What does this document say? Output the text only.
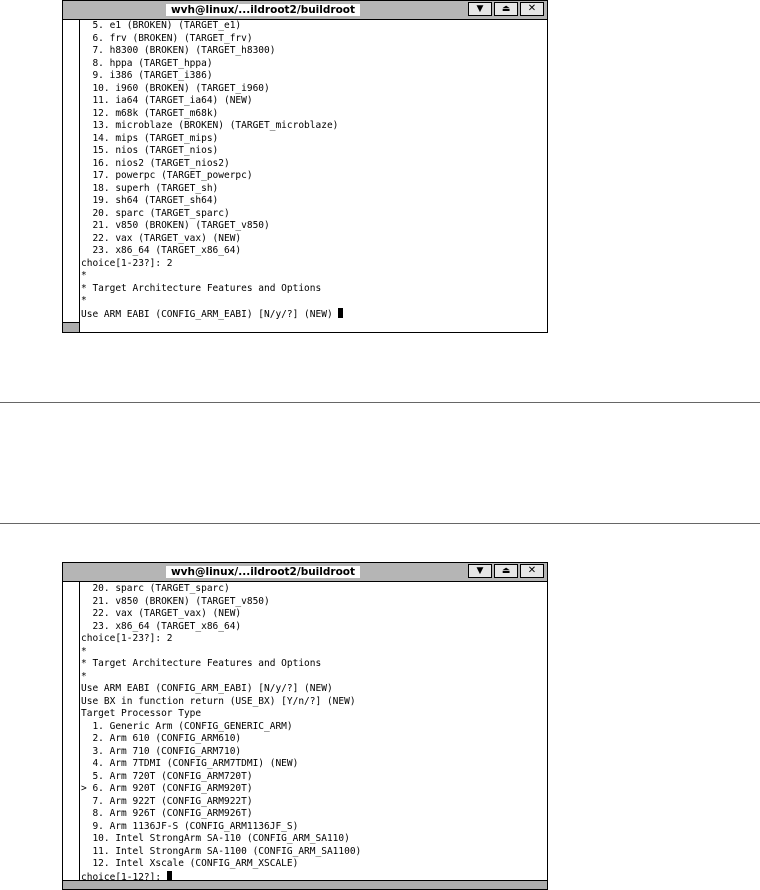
wvh@linux/...ildroot2/buildroot	▼ ⏏ ✕
5. e1 (BROKEN) (TARGET_e1)
6. frv (BROKEN) (TARGET_frv)
7. h8300 (BROKEN) (TARGET_h8300)
8. hppa (TARGET_hppa)
9. i386 (TARGET_i386)
10. i960 (BROKEN) (TARGET_i960)
11. ia64 (TARGET_ia64) (NEW)
12. m68k (TARGET_m68k)
13. microblaze (BROKEN) (TARGET_microblaze)
14. mips (TARGET_mips)
15. nios (TARGET_nios)
16. nios2 (TARGET_nios2)
17. powerpc (TARGET_powerpc)
18. superh (TARGET_sh)
19. sh64 (TARGET_sh64)
20. sparc (TARGET_sparc)
21. v850 (BROKEN) (TARGET_v850)
22. vax (TARGET_vax) (NEW)
23. x86_64 (TARGET_x86_64)
choice[1-23?]: 2
*
* Target Architecture Features and Options
*
Use ARM EABI (CONFIG_ARM_EABI) [N/y/?] (NEW)
wvh@linux/...ildroot2/buildroot	▼ ⏏ ✕
20. sparc (TARGET_sparc)
21. v850 (BROKEN) (TARGET_v850)
22. vax (TARGET_vax) (NEW)
23. x86_64 (TARGET_x86_64)
choice[1-23?]: 2
*
* Target Architecture Features and Options
*
Use ARM EABI (CONFIG_ARM_EABI) [N/y/?] (NEW)
Use BX in function return (USE_BX) [Y/n/?] (NEW)
Target Processor Type
1. Generic Arm (CONFIG_GENERIC_ARM)
2. Arm 610 (CONFIG_ARM610)
3. Arm 710 (CONFIG_ARM710)
4. Arm 7TDMI (CONFIG_ARM7TDMI) (NEW)
5. Arm 720T (CONFIG_ARM720T)
> 6. Arm 920T (CONFIG_ARM920T)
7. Arm 922T (CONFIG_ARM922T)
8. Arm 926T (CONFIG_ARM926T)
9. Arm 1136JF-S (CONFIG_ARM1136JF_S)
10. Intel StrongArm SA-110 (CONFIG_ARM_SA110)
11. Intel StrongArm SA-1100 (CONFIG_ARM_SA1100)
12. Intel Xscale (CONFIG_ARM_XSCALE)
choice[1-12?]:
